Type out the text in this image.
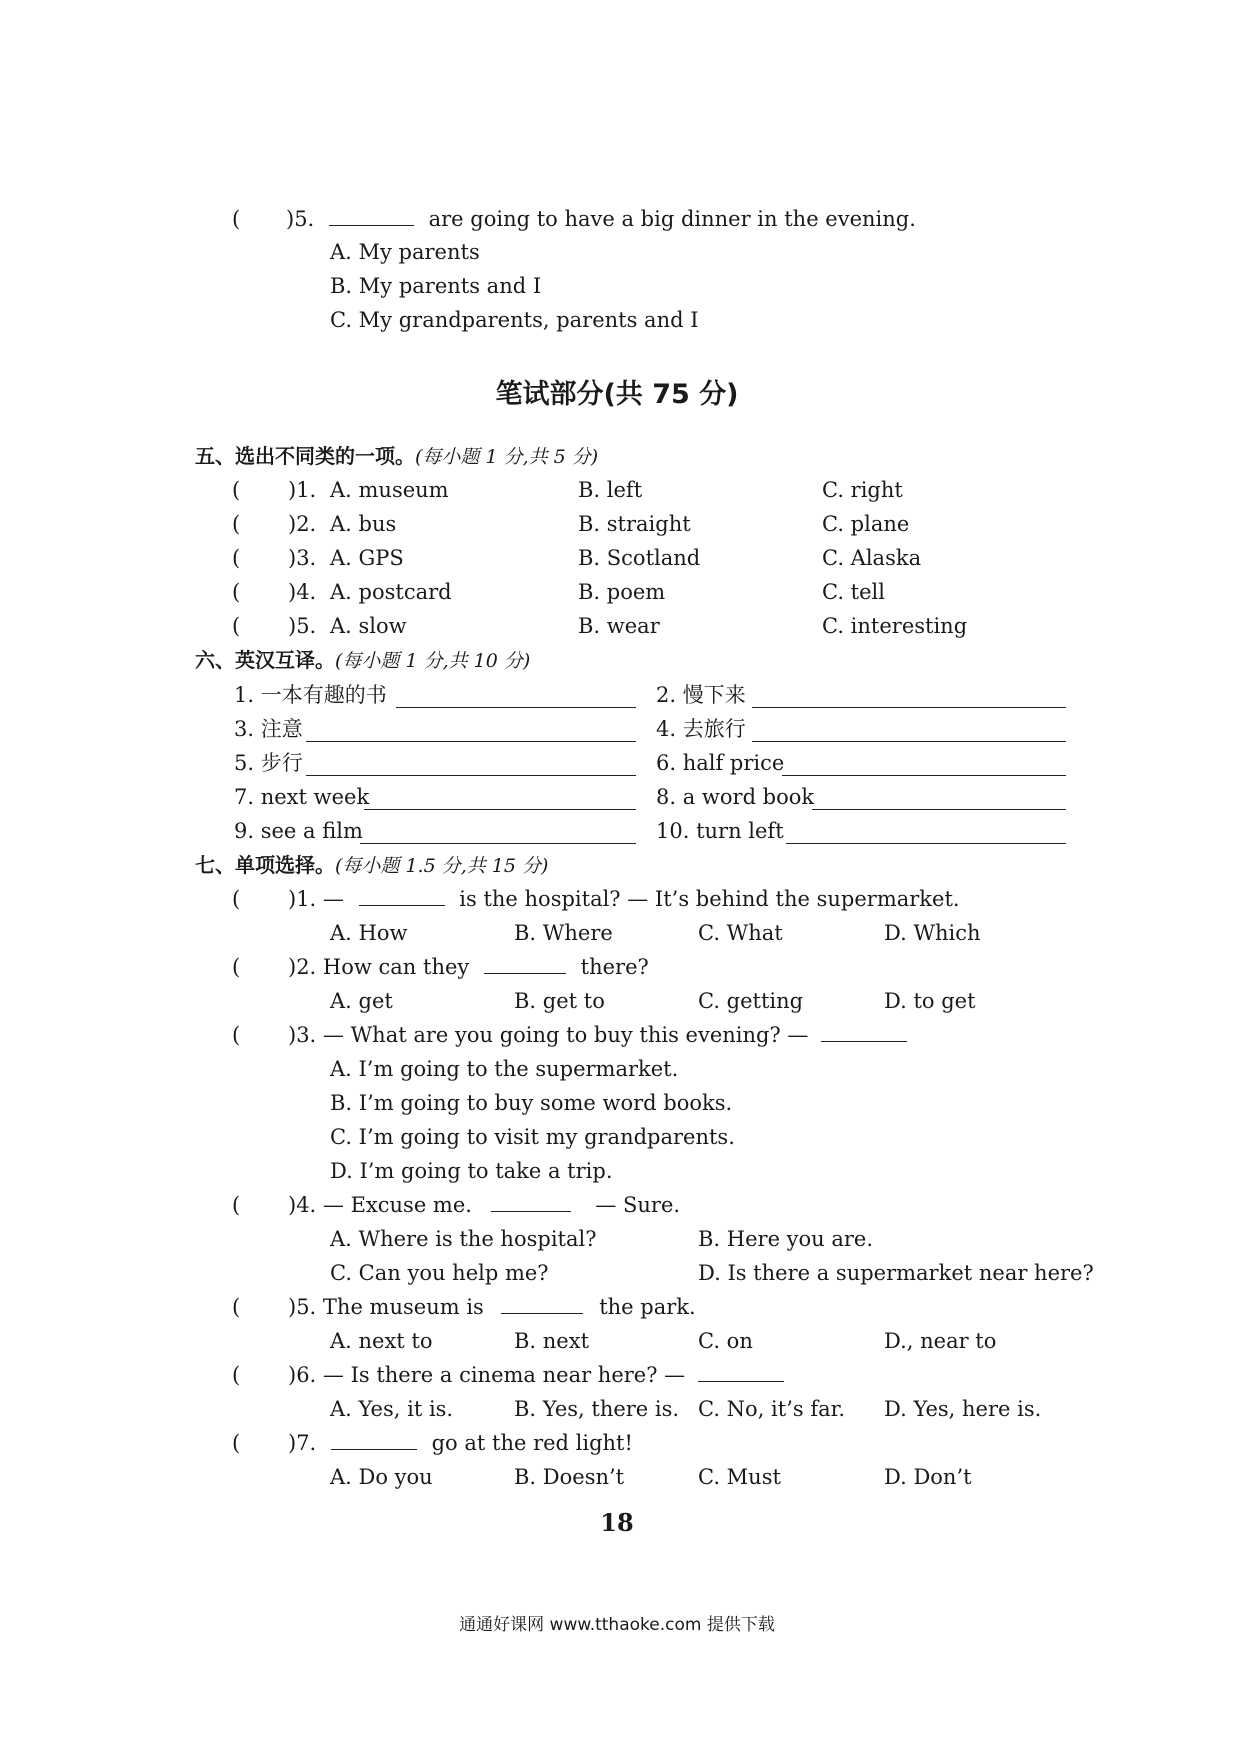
( )5.	are going to have a big dinner in the evening.
A. My parents
B. My parents and I
C. My grandparents, parents and I
笔试部分(共 75 分)
五、选出不同类的一项。(每小题 1 分,共 5 分)
( )1. A. museum	B. left	C. right
( )2. A. bus	B. straight	C. plane
( )3. A. GPS	B. Scotland	C. Alaska
( )4. A. postcard	B. poem	C. tell
( )5. A. slow	B. wear	C. interesting
六、英汉互译。(每小题 1 分,共 10 分)
1. 一本有趣的书	2. 慢下来
3. 注意	4. 去旅行
5. 步行	6. half price
7. next week	8. a word book
9. see a film	10. turn left
七、单项选择。(每小题 1.5 分,共 15 分)
( )1. —	is the hospital? — It’s behind the supermarket.
A. How	B. Where	C. What	D. Which
( )2. How can they	there?
A. get	B. get to	C. getting	D. to get
( )3. — What are you going to buy this evening? —
A. I’m going to the supermarket.
B. I’m going to buy some word books.
C. I’m going to visit my grandparents.
D. I’m going to take a trip.
( )4. — Excuse me.	— Sure.
A. Where is the hospital?	B. Here you are.
C. Can you help me?	D. Is there a supermarket near here?
( )5. The museum is	the park.
A. next to	B. next	C. on	D., near to
( )6. — Is there a cinema near here? —
A. Yes, it is.	B. Yes, there is. C. No, it’s far. D. Yes, here is.
( )7.	go at the red light!
A. Do you	B. Doesn’t	C. Must	D. Don’t
18
通通好课网 www.tthaoke.com 提供下载
